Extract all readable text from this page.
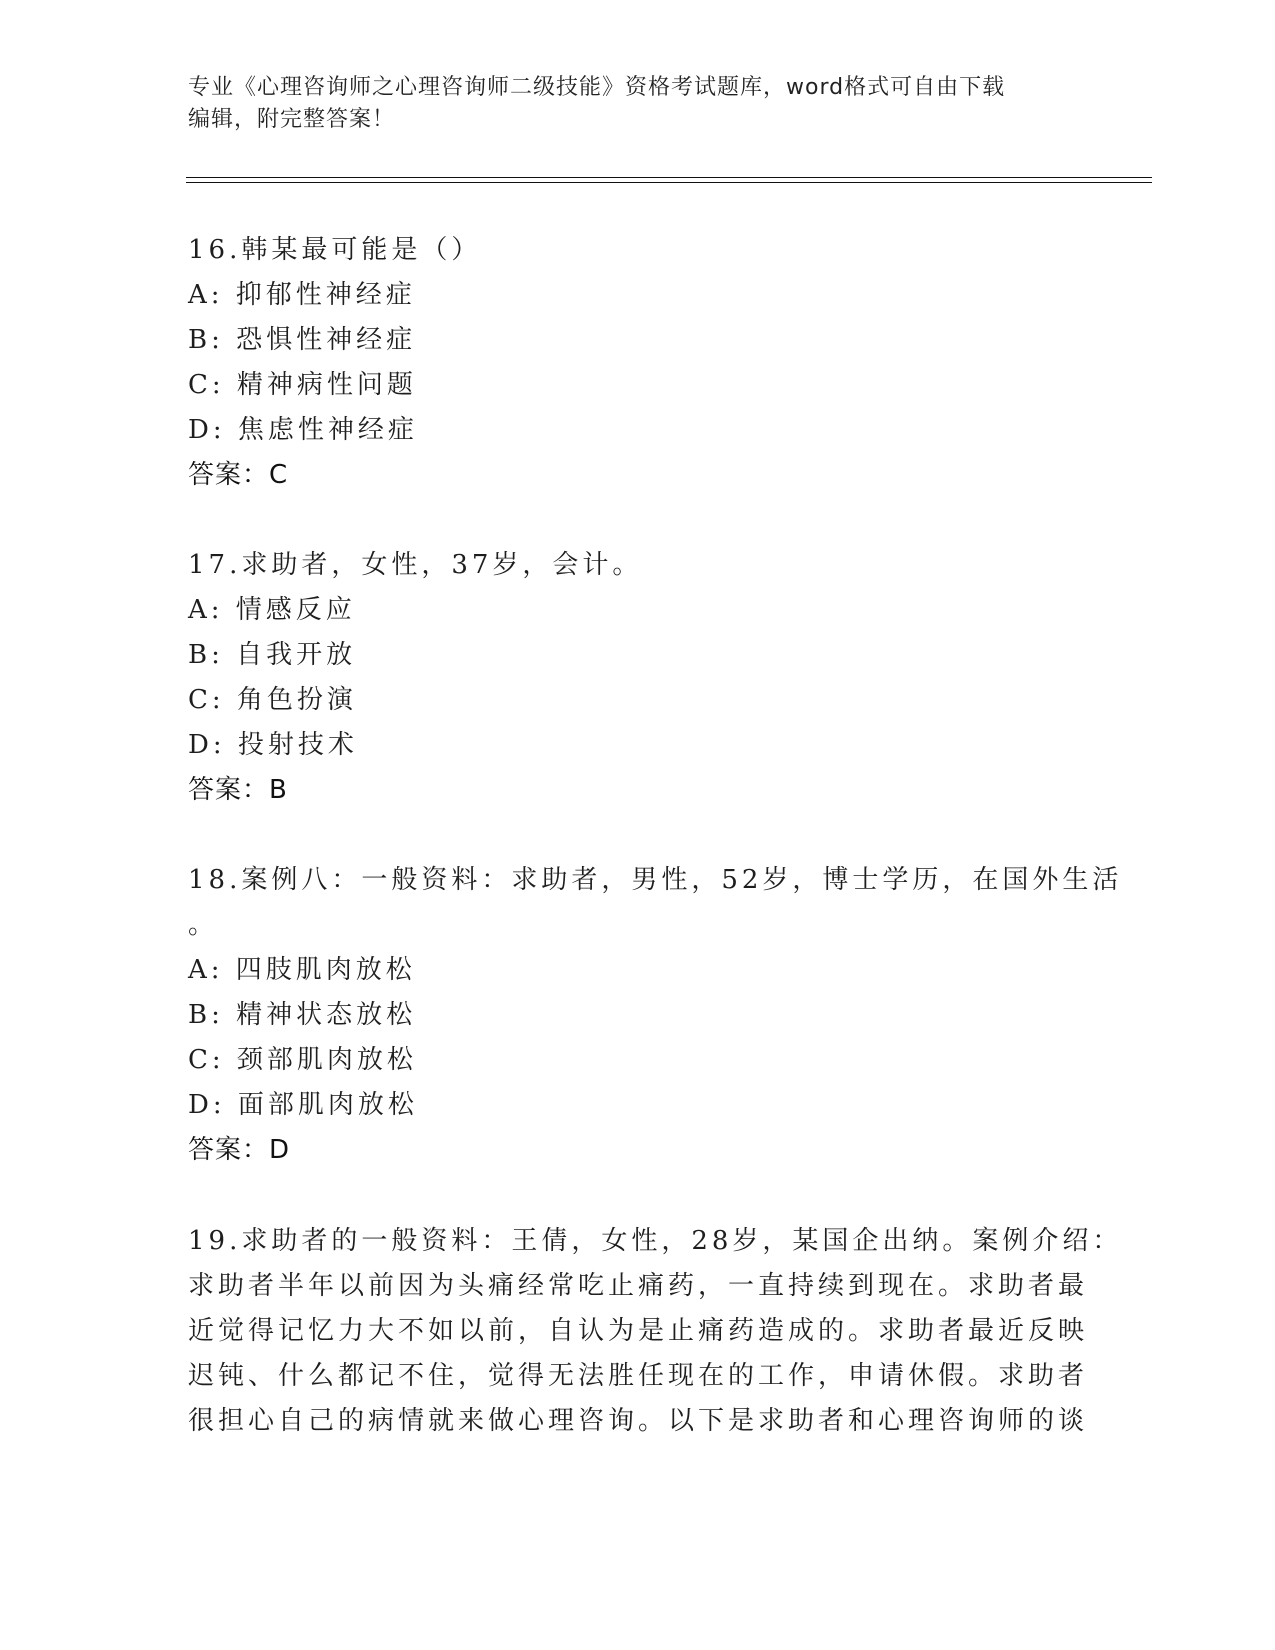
专业《心理咨询师之心理咨询师二级技能》资格考试题库，word格式可自由下载
编辑，附完整答案！
16.韩某最可能是（）
A: 抑郁性神经症
B: 恐惧性神经症
C: 精神病性问题
D: 焦虑性神经症
答案：C
17.求助者，女性，37岁，会计。
A: 情感反应
B: 自我开放
C: 角色扮演
D: 投射技术
答案：B
18.案例八：一般资料：求助者，男性，52岁，博士学历，在国外生活
。
A: 四肢肌肉放松
B: 精神状态放松
C: 颈部肌肉放松
D: 面部肌肉放松
答案：D
19.求助者的一般资料：王倩，女性，28岁，某国企出纳。案例介绍：
求助者半年以前因为头痛经常吃止痛药，一直持续到现在。求助者最
近觉得记忆力大不如以前，自认为是止痛药造成的。求助者最近反映
迟钝、什么都记不住，觉得无法胜任现在的工作，申请休假。求助者
很担心自己的病情就来做心理咨询。以下是求助者和心理咨询师的谈
